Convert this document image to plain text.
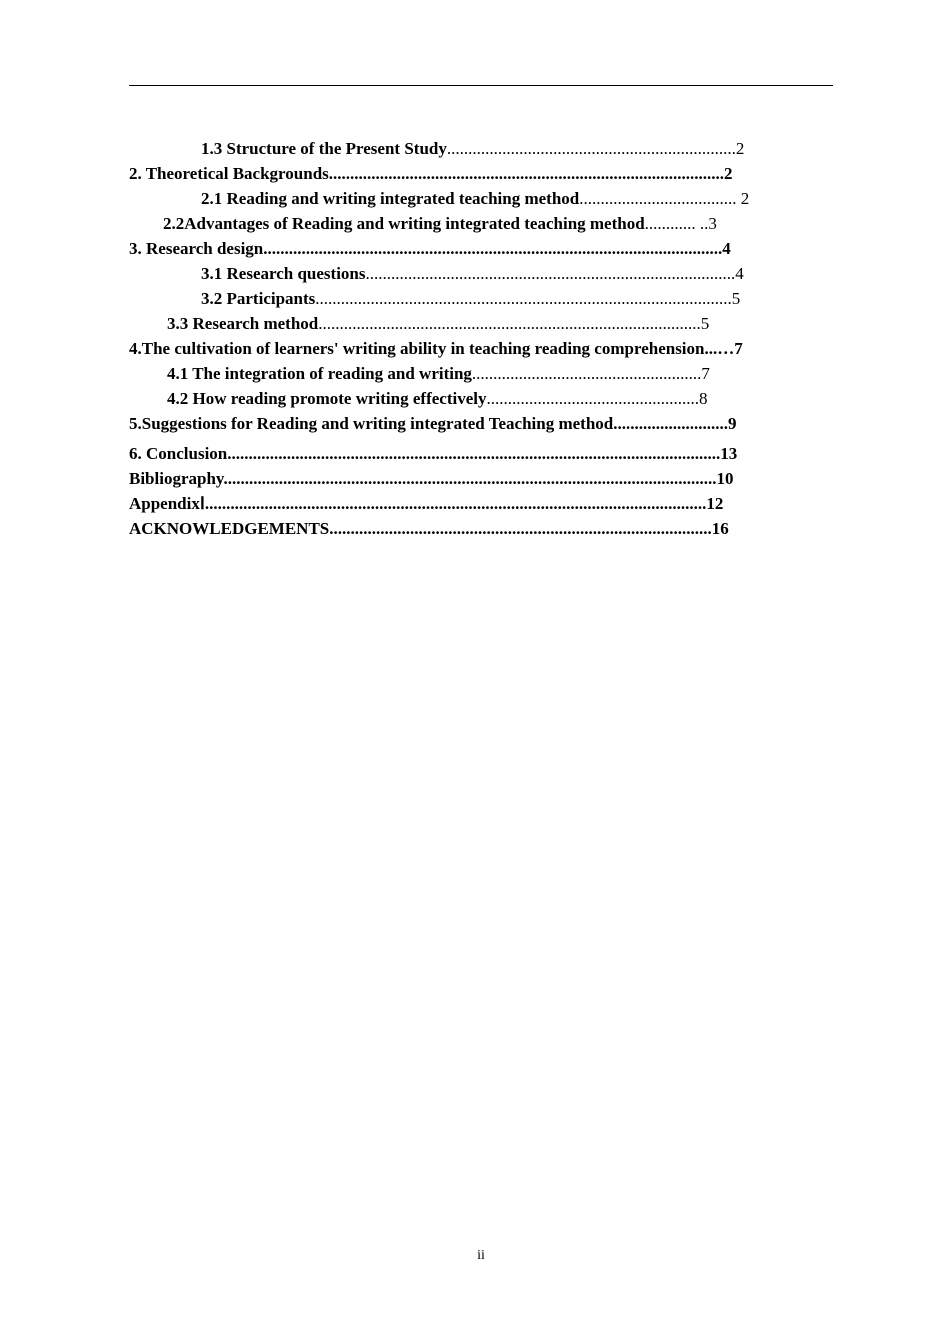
1.3 Structure of the Present Study....................................................................2
2. Theoretical Backgrounds.............................................................................................2
2.1 Reading and writing integrated teaching method..................................... 2
2.2Advantages of Reading and writing integrated teaching method............ ..3
3. Research design............................................................................................................4
3.1 Research questions.......................................................................................4
3.2 Participants..................................................................................................5
3.3 Research method..........................................................................................5
4.The cultivation of learners' writing ability in teaching reading comprehension...…7
4.1 The integration of reading and writing......................................................7
4.2 How reading promote writing effectively..................................................8
5.Suggestions for Reading and writing integrated Teaching method...........................9
6. Conclusion....................................................................................................................13
Bibliography....................................................................................................................10
AppendixⅠ......................................................................................................................12
ACKNOWLEDGEMENTS..........................................................................................16
ii
